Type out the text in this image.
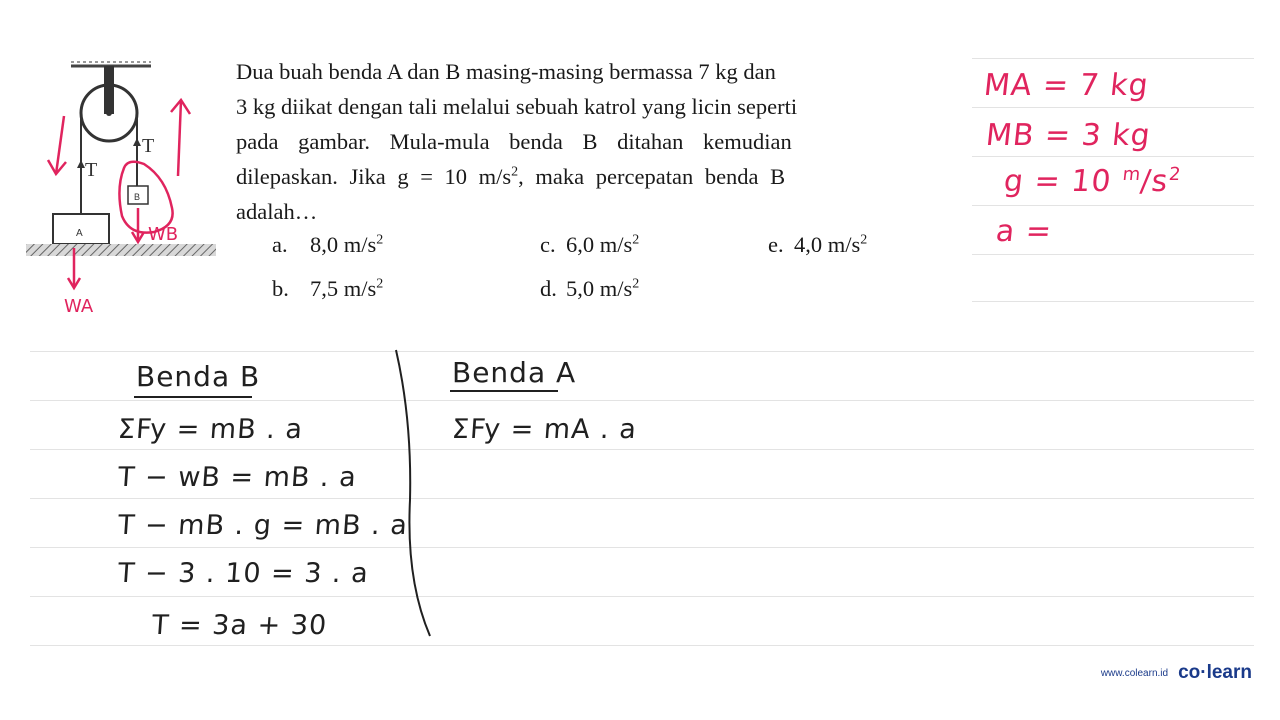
T
T
A
B
WB
WA
Dua buah benda A dan B masing-masing bermassa 7 kg dan
3 kg diikat dengan tali melalui sebuah katrol yang licin seperti
pada gambar. Mula-mula benda B ditahan kemudian
dilepaskan. Jika g = 10 $m/s^2$, maka percepatan benda B
adalah…
a. 8,0 $m/s^2$
b. 7,5 $m/s^2$
c. 6,0 $m/s^2$
d. 5,0 $m/s^2$
e. 4,0 $m/s^2$
MA = 7 kg
MB = 3 kg
g = 10 $^m/s^2$
a =
Benda B
ΣFy = mB . a
T − wB = mB . a
T − mB . g = mB . a
T − 3 . 10 = 3 . a
T = 3a + 30
Benda A
ΣFy = mA . a
www.colearn.id co·learn
